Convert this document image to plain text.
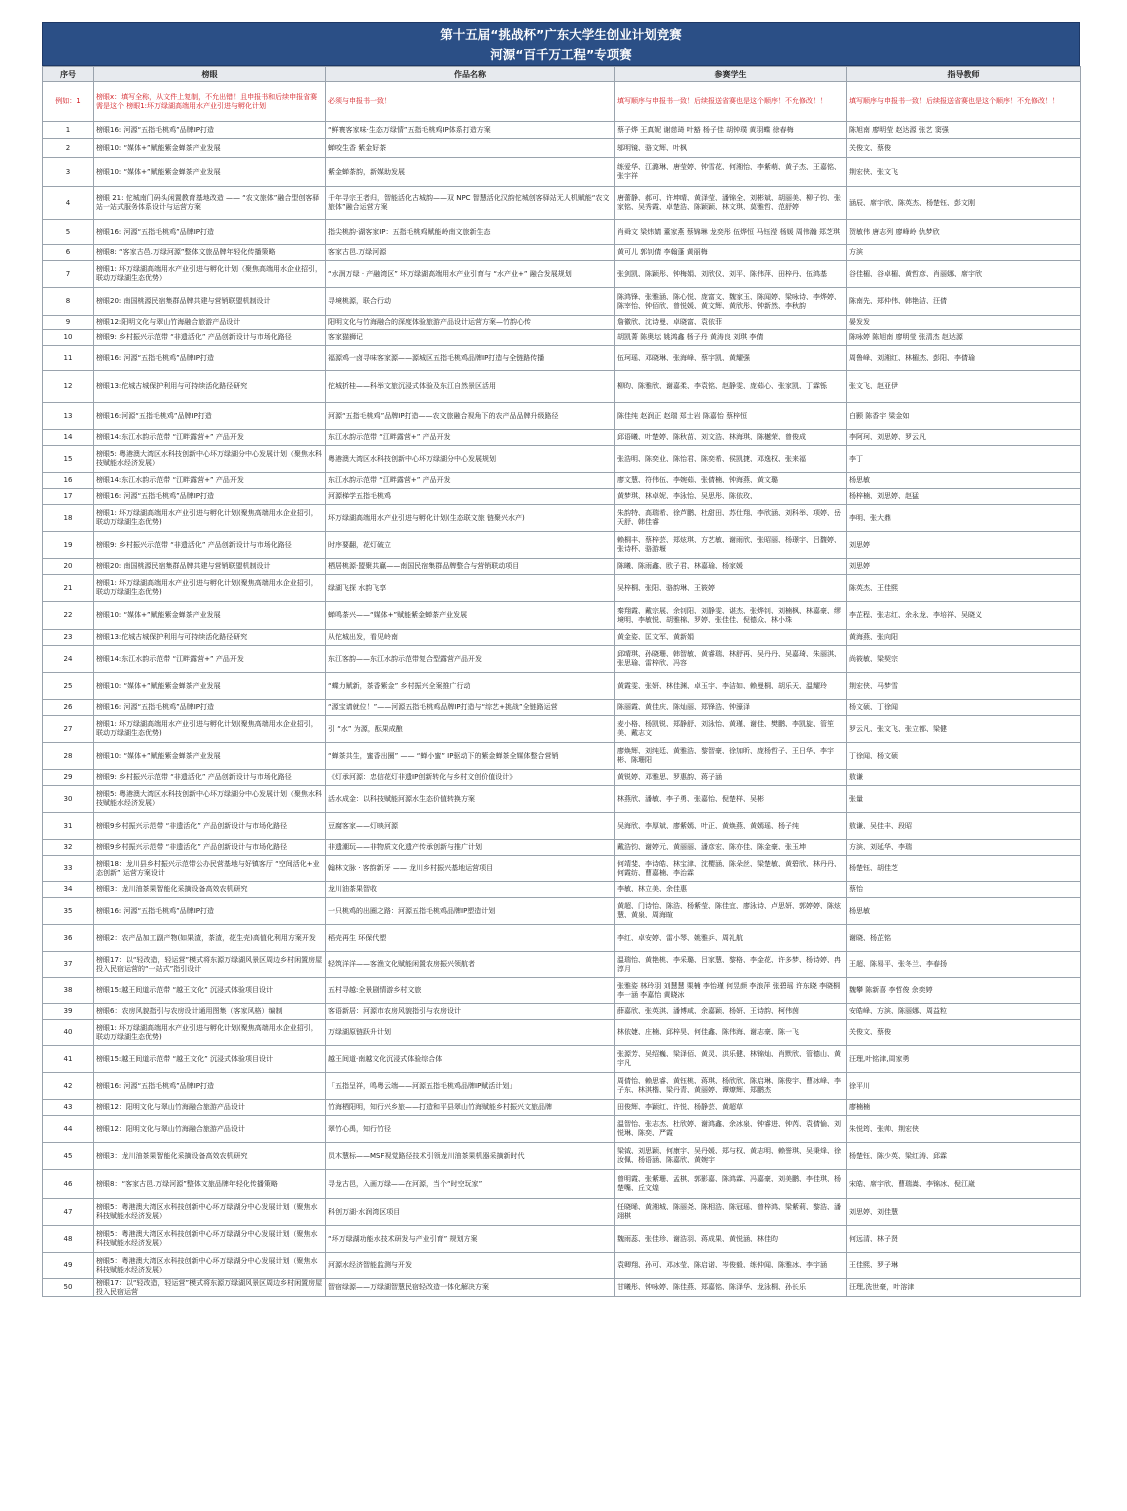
第十五届“挑战杯”广东大学生创业计划竞赛
河源“百千万工程”专项赛
序号	榜眼	作品名称	参赛学生	指导教师
例如：1	榜眼x：填写全称，从文件上复制，不允出错！且申报书和后续申报省赛需是这个 榜眼1:坏万绿湖高端用水产业引进与孵化计划	必须与申报书一致！	填写顺序与申报书一致！后续报送省赛也是这个顺序！不允修改！！	填写顺序与申报书一致！后续报送省赛也是这个顺序！不允修改！！

1	榜眼16: 河源“五指毛桃鸡”品牌IP打造	“鲜寰客家味·生态万绿情”五指毛桃鸡IP体系打造方案	蔡子烨 王真妮 谢慈琦 叶豁 杨子佳 胡钟璞 黄羽蝶 徐春梅	陈旭南 廖明莹 赵达源 张艺 窦强

2	榜眼10: “媒体+”赋能紫金蝉茶产业发展	蝉咬生香 紫金好茶	邬明镜、骆文辉、叶枫	关俊文、蔡俊

3	榜眼10: “媒体+”赋能紫金蝉茶产业发展	紫金蝉茶韵，新媒助发展	练爱华、江潞琳、唐莹婷、钟雪花、何湘怡、李紫萌、黄子杰、王嘉铭、张宇祥	荆宏侠、张文飞

4	榜眼 21: 佗城南门码头闲置教育基地改造 —— “农文旅体”融合型创客驿站一站式服务体系设计与运营方案	千年寻宗王者归，智能活化古城韵——双 NPC 智慧活化汉韵佗城创客驿站无人机赋能“农文旅体”融合运营方案	唐蕾静、郝可、许坤晴、黄泽莹、潘锦全、刘彬斌、胡丽美、柳子钧、张家铭、吴秀霞、卓楚浩、陈颖颖、林文琪、莫雅哲、范舒婷	涵辰、席宇欣、陈英杰、杨楚钰、彭文刚

5	榜眼16: 河源“五指毛桃鸡”品牌IP打造	指尖桃韵·湖客家IP：五指毛桃鸡赋能岭南文旅新生态	肖舜文 梁炜婧 董家燕 蔡锦琳 龙奕彤 伍烨恒 马钰滢 杨媛 周伟瀚 郑芝琪	贺敏伟 唐志列 廖峰岭 仇梦欣

6	榜眼8: “客家古邑.万绿河源”整体文旅品牌年轻化传播策略	客家古邑.万绿河源	黄可儿 郭钊倩 李翰蓬 黄丽梅	方滨

7	榜眼1: 坏万绿湖高端用水产业引进与孵化计划（聚焦高端用水企业招引，联动万绿湖生态优势）	“水润万绿 · 产融湾区” 坏万绿湖高端用水产业引育与 “水产业+” 融合发展规划	张剑凯、陈颖彤、钟梅娟、刘欣仪、刘平、陈伟萍、田梓丹、伍鸿基	谷佳楣、谷卓楣、黄哲彦、肖丽娜、席宇欣

8	榜眼20: 南国桃源民宿集群品牌共建与营销联盟机制设计	寻境桃源，联合行动	陈鸿锋、张雅涵、陈心悦、庞富文、魏家玉、陈闻婷、梁咏诗、李烨婷、陈宰怡、钟佰欣、曾悦媛、黄文辉、黄欣彤、钟新然、李秋韵	陈南先、郑仲伟、韩艳洁、汪倩

9	榜眼12:阳明文化与翠山竹海融合旅游产品设计	阳明文化与竹海融合的深度体验旅游产品设计运营方案—竹韵心传	詹徽欣、沈诗曼、卓晓富、袁依菲	晏发发

10	榜眼9: 乡村振兴示范带 “非遗活化” 产品创新设计与市场化路径	客家猫狮记	胡凯菁 陈奥坛 姚鸿鑫 杨子丹 黄涛良 刘琪 李倩	陈咏婷 陈旭南 廖明莹 张清杰 赵达源

11	榜眼16: 河源“五指毛桃鸡”品牌IP打造	福源鸡一卤寻味客家源——源城区五指毛桃鸡品牌IP打造与全链路传播	伍珂瑶、邓晓琳、张海峰、蔡宇凯、黄耀强	周鲁峰、刘湘红、林楣杰、彭阳、李倩瑜

12	榜眼13:佗城古城保护利用与可持续活化路径研究	佗城折桂——科举文旅沉浸式体验及东江自然景区活用	柳昀、陈雅欣、谢嘉柔、李袁铭、赵静雯、庞茹心、张家凯、丁霖铄	张文飞、赵亚伊

13	榜眼16:河源“五指毛桃鸡”品牌IP打造	河源“五指毛桃鸡”品牌IP打造——农文旅融合视角下的农产品品牌升级路径	陈佳纯 赵润正 赵瑞 郑士岩 陈嘉怡 蔡梓恒	白颢 陈香宇 梁金如

14	榜眼14:东江水韵示范带 “江畔露营+” 产品开发	东江水韵示范带 “江畔露营+” 产品开发	邱语曦、叶楚婷、陈秋苗、刘文浩、林海琪、陈樾荣、曾俊成	李阿珂、刘思婷、罗云凡

15	榜眼5: 粤港澳大湾区水科技创新中心坏万绿湖分中心发展计划（聚焦水科技赋能水经济发展）	粤港澳大湾区水科技创新中心坏万绿湖分中心发展规划	张浩明、陈奕业、陈怡君、陈奕希、侯凯捷、邓逸权、张来福	李丁

16	榜眼14:东江水韵示范带 “江畔露营+” 产品开发	东江水韵示范带 “江畔露营+” 产品开发	廖文慧、符伟伍、李婉茹、张倩楠、钟海燕、黄文璐	杨思敏

17	榜眼16: 河源“五指毛桃鸡”品牌IP打造	河源梯学五指毛桃鸡	黄梦琪、林卓妮、李泳怡、吴思彤、陈依玫、	杨梓楠、刘思婷、赵猛

18	榜眼1: 坏万绿湖高端用水产业引进与孵化计划(聚焦高端用水企业招引，联动万绿湖生态优势)	坏万绿湖高端用水产业引进与孵化计划(生态联文旅 链聚兴水产)	朱韵特、高瑞希、徐芦鹏、杜甜田、苏仕翔、李欣涵、刘科举、项婷、岳天舒、韩佳睿	李明、张大鼎

19	榜眼9: 乡村振兴示范带 “非遗活化” 产品创新设计与市场化路径	时序要翻，花灯破立	赖桐丰、蔡梓芸、郑炫琪、方艺敏、谢雨欣、张昭丽、杨璟宇、吕馥婷、张诗杯、骆游堰	刘思婷

20	榜眼20: 南国桃源民宿集群品牌共建与营销联盟机制设计	栖居桃源·盟聚共赢——南国民宿集群品牌整合与营销联动项目	陈曦、陈雨鑫、欧子君、林嘉瑜、杨家媛	刘思婷

21	榜眼1: 坏万绿湖高端用水产业引进与孵化计划(聚焦高端用水企业招引，联动万绿湖生态优势)	绿湖飞探 水韵飞享	吴梓桐、张阳、骆韵琳、王筱婷	陈英杰、王佳熙

22	榜眼10: “媒体+”赋能紫金蝉茶产业发展	蝉鸣茶兴——“媒体+”赋能紫金蝉茶产业发展	秦翔霞、戴宗展、余钊阳、刘静雯、谌杰、张烨钊、刘楠枫、林嘉豪、缪境明、李敏悦、胡雅棉、罗婷、张佳佳、倪德众、林小珠	李芷程、张志红、余永龙、李培祥、吴晓义

23	榜眼13:佗城古城保护利用与可持续活化路径研究	从佗城出发，看见岭南	黄金姿、匡文军、黄新娟	黄海燕、张向阳

24	榜眼14:东江水韵示范带 “江畔露营+” 产品开发	东江客韵——东江水韵示范带复合型露营产品开发	邱晴琪、孙晓珊、韩智敏、黄睿瑞、林舒再、吴丹丹、吴嘉琦、朱丽淇、张思瑜、雷梓欣、冯容	尚筱敏、梁契宗

25	榜眼10: “媒体+”赋能紫金蝉茶产业发展	“蝶力赋新，茶香紫金” 乡村振兴全案推广行动	黄霞雯、张妍、林佳渊、卓玉宇、李洁如、赖曼桐、胡乐天、温耀玲	荆宏侠、马梦雪

26	榜眼16: 河源“五指毛桃鸡”品牌IP打造	“源宝请就位！”——河源五指毛桃鸡品牌IP打造与“综艺+挑战”全链路运营	陈丽霞、黄佳庆、陈灿丽、郑锋浩、钟濠泽	杨文硕、丁徐闻

27	榜眼1: 坏万绿湖高端用水产业引进与孵化计划(聚焦高端用水企业招引，联动万绿湖生态优势)	引 “水” 为源，酝果成酿	麦小格、杨凯锐、郑静舒、刘泳怡、黄瑾、谢佳、樊鹏、李凯旋、管笙美、戴志文	罗云凡、张文飞、张立都、梁健

28	榜眼10: “媒体+”赋能紫金蝉茶产业发展	“蝉茶共生，蜜香出圈” —— “蝉小蜜” IP驱动下的紫金蝉茶全媒体整合营销	廖焕辉、刘纯廷、黄雅浩、黎智豪、徐加昕、庞杨哲子、王日华、李宇彬、陈珊阳	丁徐闻、杨文硕

29	榜眼9: 乡村振兴示范带 “非遗活化” 产品创新设计与市场化路径	《灯承河源：忠信花灯非遗IP创新转化与乡村文创价值设计》	黄锐婷、邓雅思、罗惠韵、蒋子涵	敖谦

30	榜眼5: 粤港澳大湾区水科技创新中心坏万绿湖分中心发展计划（聚焦水科技赋能水经济发展）	活水成金：以科技赋能河源水生态价值转换方案	林燕欣、潘敏、李子勇、张嘉怡、倪楚样、吴彬	张量

31	榜眼9乡村振兴示范带 “非遗活化” 产品创新设计与市场化路径	豆腐客家——灯映河源	吴海欣、李厚斌、廖紫嫣、叶正、黄焕燕、黄嫣瑶、杨子纯	敖谦、吴佳丰、段昭

32	榜眼9乡村振兴示范带 “非遗活化” 产品创新设计与市场化路径	非遗潮玩——非物质文化遗产传承创新与推广计划	戴浩钧、谢婷元、黄丽丽、潘彦宏、陈亦佳、陈金豪、张玉坤	方滨、刘延华、李瑞

33	榜眼18：龙川县乡村振兴示范带公办民营基地与好镇客厅 “空间活化+业态创新” 运营方案设计	翰林文脉 · 客韵新牙 —— 龙川乡村振兴基地运营项目	何靖斐、李诗皓、林宝津、沈樱涵、陈朵丝、梁楚敏、黄碧欣、林丹丹、何霞纺、曹嘉楠、李治霖	杨楚钰、胡佳芝

34	榜眼3：龙川油茶果智能化采摘设备高效农机研究	龙川油茶果智收	李敏、林立美、余佳惠	蔡怡

35	榜眼16: 河源“五指毛桃鸡”品牌IP打造	一只桃鸡的出圈之路：河源五指毛桃鸡品牌IP塑造计划	黄超、门诗怡、陈浩、杨紫莹、陈佳宜、廖泳诗、卢思妍、郭婷婷、陈炫慧、黄泉、周海暄	杨思敏

36	榜眼2：农产品加工副产物(如果渣，茶渣，花生壳)高值化利用方案开发	稻壳再生 环保代塑	李红、卓安婷、雷小琴、姚雅乒、周礼航	谢晓、杨芷铭

37	榜眼17：以“轻改造，轻运营”模式将东源万绿湖风景区周边乡村闲置房屋投入民宿运营的“一站式”指引设计	轻筑洋洋——客渔文化赋能闲置农房振兴领航者	温瑞怡、黄艳桃、李采璐、吕家慧、黎格、李金花、许多梦、杨诗婷、冉淳月	王超、陈易平、张冬兰、李春扬

38	榜眼15:越王间道示范带 “越王文化” 沉浸式体验项目设计	五村寻越:全景剧情游乡村文旅	张雅姿 林玲羽 刘慧慧 栗楠 李怡瑾 何昱颜 李浪萍 张碧瑶 许东晓 李晓桐 李一涵 李嘉怡 黄晓冰	魏攀 陈新喜 李哲俊 余奕婷

39	榜眼6：农房风貌指引与农房设计通用图集（客家风格）编制	客语新居：河源市农房风貌指引与农房设计	薛嘉欣、张英淇、潘博咸、余嘉颖、杨妍、王诗韵、柯伟茵	安皓峰、方滨、陈丽娜、周益粒

40	榜眼1: 坏万绿湖高端用水产业引进与孵化计划(聚焦高端用水企业招引，联动万绿湖生态优势)	万绿湖原链跃升计划	林依婕、庄楠、邱梓昊、何佳鑫、陈伟海、谢志豪、陈一飞	关俊文、蔡俊

41	榜眼15:越王间道示范带 “越王文化” 沉浸式体验项目设计	越王间道·南越文化沉浸式体验综合体	张源芳、吴绍巍、梁泽佰、黄灵、洪乐健、林锦灿、肖默欣、管德山、黄宇凡	汪理,叶铭津,周家勇

42	榜眼16: 河源“五指毛桃鸡”品牌IP打造	「五指呈祥，鸣粤云端——河源五指毛桃鸡品牌IP赋活计划」	周倩怡、赖思睿、黄钰桃、蒋琪、杨欣欣、陈启琳、陈俊宇、曹冰峰、李子东、林淇楷、梁丹青、黄丽婷、谭燎辉、郑鹏杰	徐平川

43	榜眼12：阳明文化与翠山竹海融合旅游产品设计	竹海栖阳明，知行兴乡旅——打造和平县翠山竹海赋能乡村振兴文旅品牌	田俊辉、李颖红、许悦、杨静芸、黄超草	廖楠楠

44	榜眼12：阳明文化与翠山竹海融合旅游产品设计	翠竹心禹，知行竹径	温智怡、张志杰、杜欣婷、谢鸿鑫、余冰泉、钟睿进、钟芮、袁倩愉、刘悦琳、陈奕、严霞	朱悦筠、张帅、荆宏侠

45	榜眼3：龙川油茶果智能化采摘设备高效农机研究	员木慧标——MSF视觉路径技术引领龙川油茶果机器采摘新时代	梁钺、刘思颖、何康宇、吴丹媛、郑与权、黄志明、赖誉琪、吴秉烽、徐汝佩、杨语涵、陈嘉欣、黄婉宇	杨楚钰、陈少英、梁红涛、邱霖

46	榜眼8：“客家古邑.万绿河源”整体文旅品牌年轻化传播策略	寻龙古邑，入画万绿——在河源，当个“时空玩家”	曾明霞、张紫珊、孟棋、郭影嘉、陈鸿霖、冯嘉豪、刘美鹏、李佳琪、杨楚嘴、丘文煌	宋皓、席宇欣、曹瑞嵩、李锦冰、倪江崴

47	榜眼5：粤港澳大湾区水科技创新中心坏万绿湖分中心发展计划（聚焦水科技赋能水经济发展）	科创万湖·水润湾区项目	任晓晞、黄湘城、陈丽尧、陈相浩、陈冠瑶、曾梓鸿、梁紫莉、黎浩、潘翊棋	刘思婷、刘佳慧

48	榜眼5：粤港澳大湾区水科技创新中心坏万绿湖分中心发展计划（聚焦水科技赋能水经济发展）	“坏万绿湖功能水技术研发与产业引育” 规划方案	魏雨蕊、张佳珍、谢浩羽、蒋成果、黄悦涵、林佳昀	何远清、林子贤

49	榜眼5：粤港澳大湾区水科技创新中心坏万绿湖分中心发展计划（聚焦水科技赋能水经济发展）	河源水经济智能监测与开发	袁卿翔、孙可、邓冰莹、陈启诺、岑俊毅、练仲闻、陈雅冰、李宇涵	王佳熙、罗子琳

50	榜眼17：以“轻改造，轻运营”模式将东源万绿湖风景区周边乡村闲置房屋投入民宿运营	智宿绿源——万绿湖智慧民宿轻改造一体化解决方案	甘曦彤、钟咏婷、陈佳燕、郑嘉铭、陈泽华、龙泳桐、孙长乐	汪理,洗世豪，叶溶津
